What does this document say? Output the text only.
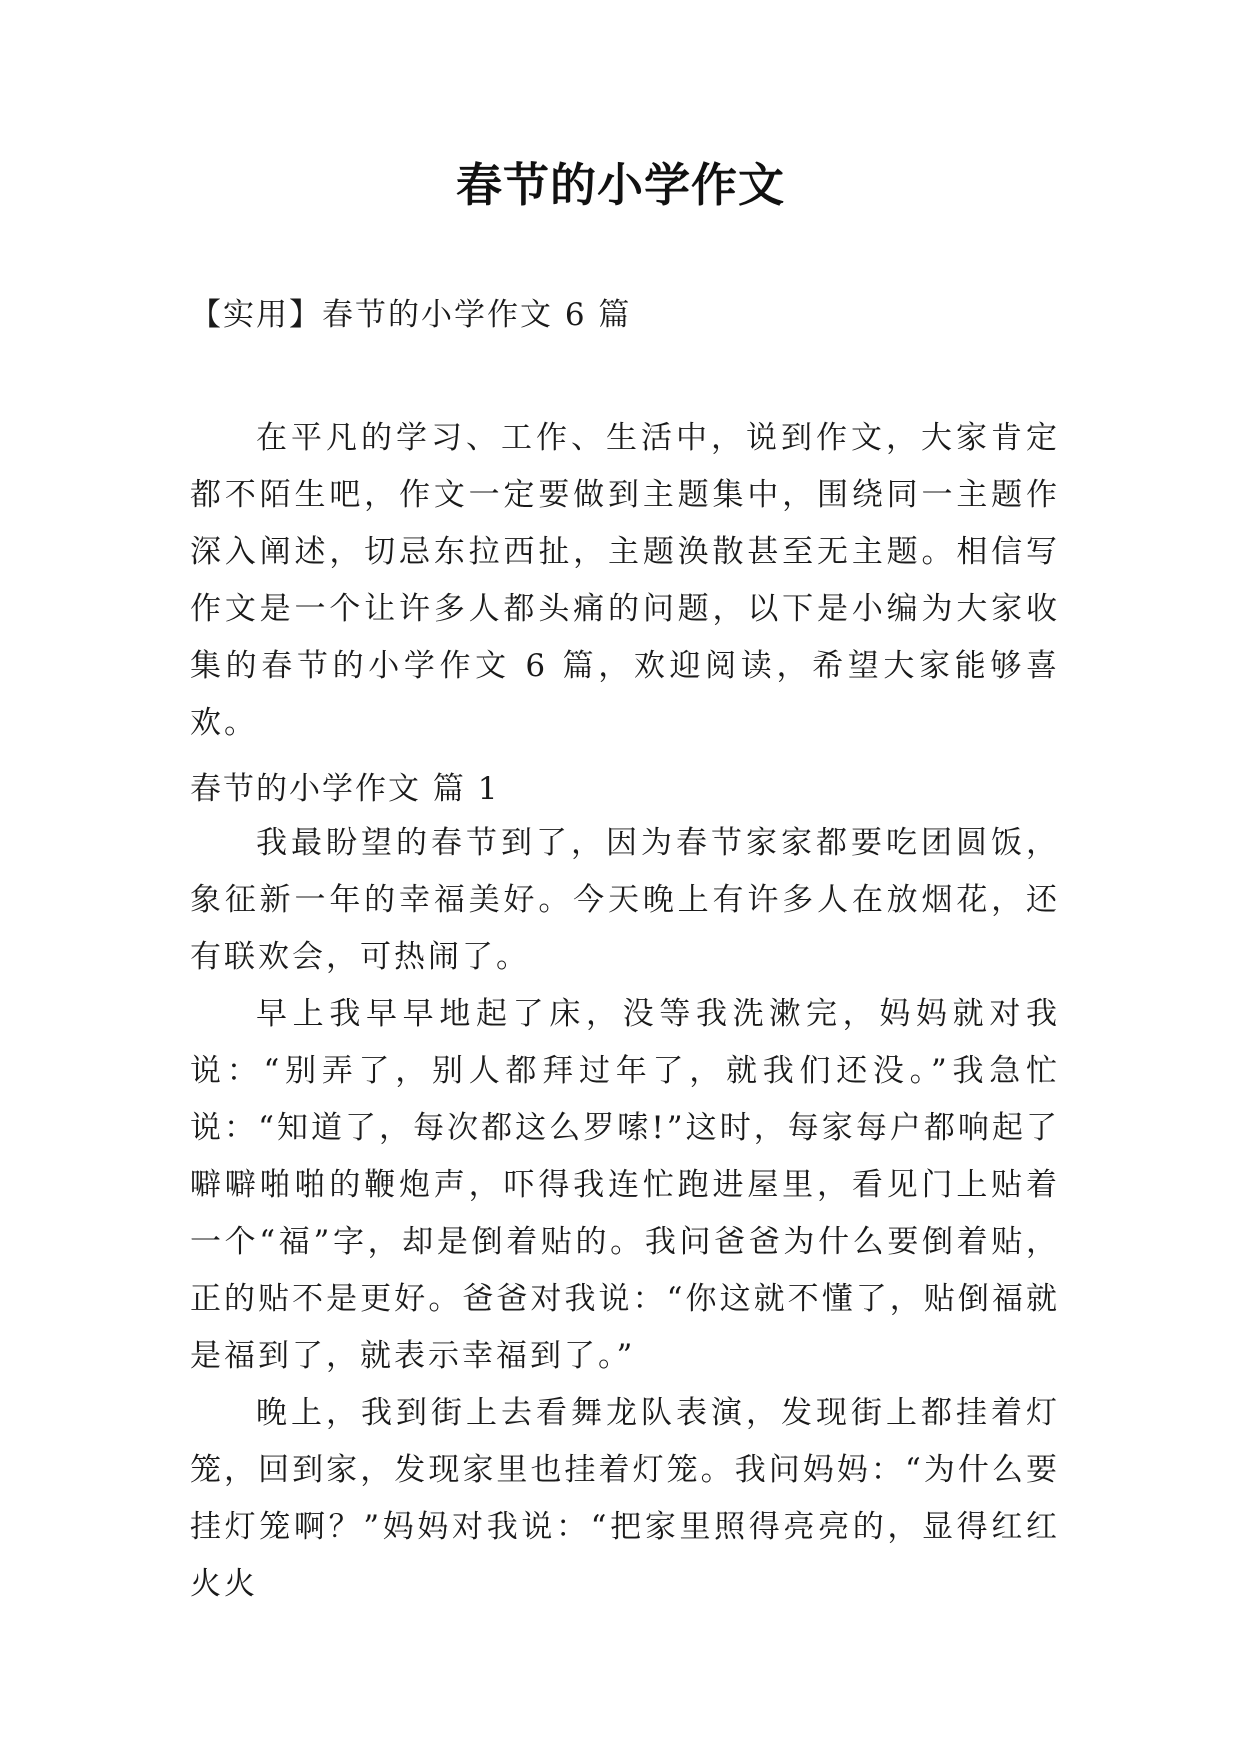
春节的小学作文
【实用】春节的小学作文 6 篇

在平凡的学习、工作、生活中，说到作文，大家肯定都不陌生吧，作文一定要做到主题集中，围绕同一主题作深入阐述，切忌东拉西扯，主题涣散甚至无主题。相信写作文是一个让许多人都头痛的问题，以下是小编为大家收集的春节的小学作文 6 篇，欢迎阅读，希望大家能够喜欢。

春节的小学作文 篇 1

我最盼望的春节到了，因为春节家家都要吃团圆饭，象征新一年的幸福美好。今天晚上有许多人在放烟花，还有联欢会，可热闹了。

早上我早早地起了床，没等我洗漱完，妈妈就对我说：“别弄了，别人都拜过年了，就我们还没。”我急忙说：“知道了，每次都这么罗嗦!”这时，每家每户都响起了噼噼啪啪的鞭炮声，吓得我连忙跑进屋里，看见门上贴着一个“福”字，却是倒着贴的。我问爸爸为什么要倒着贴，正的贴不是更好。爸爸对我说：“你这就不懂了，贴倒福就是福到了，就表示幸福到了。”

晚上，我到街上去看舞龙队表演，发现街上都挂着灯笼，回到家，发现家里也挂着灯笼。我问妈妈：“为什么要挂灯笼啊？”妈妈对我说：“把家里照得亮亮的，显得红红火火
